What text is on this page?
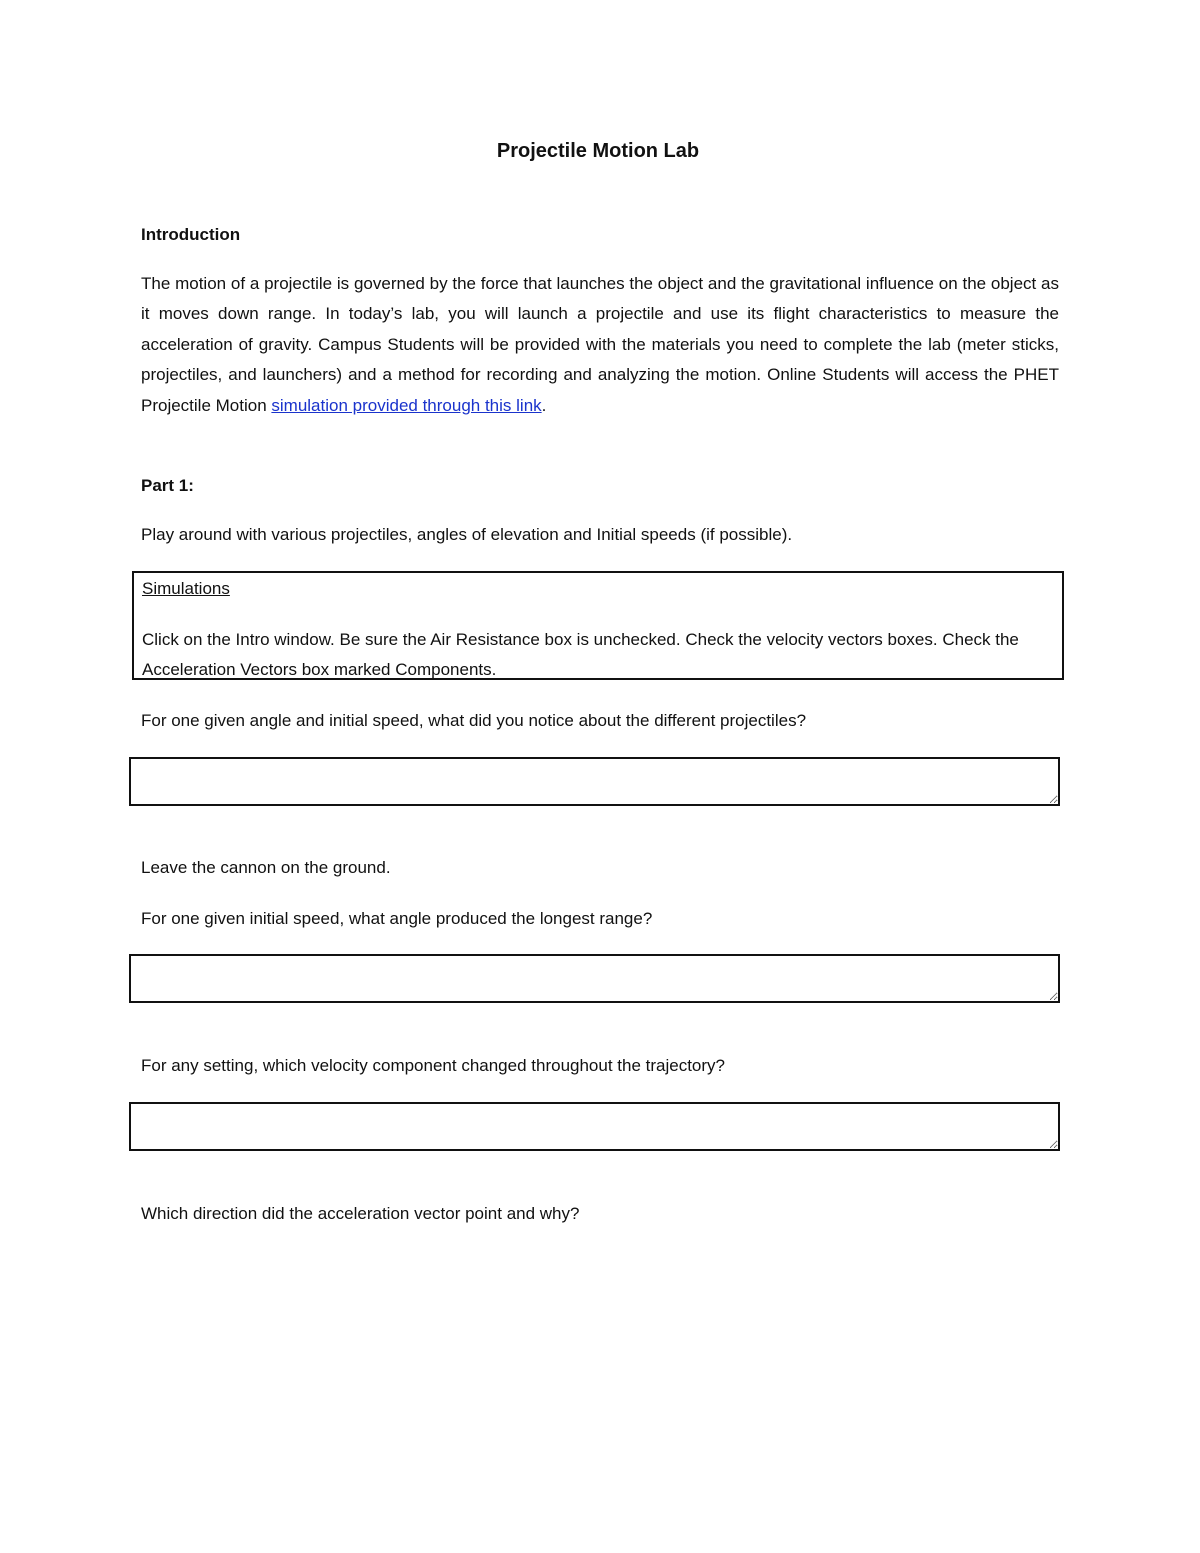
Projectile Motion Lab
Introduction

The motion of a projectile is governed by the force that launches the object and the gravitational influence on the object as it moves down range. In today’s lab, you will launch a projectile and use its flight characteristics to measure the acceleration of gravity. Campus Students will be provided with the materials you need to complete the lab (meter sticks, projectiles, and launchers) and a method for recording and analyzing the motion. Online Students will access the PHET Projectile Motion simulation provided through this link.

Part 1:

Play around with various projectiles, angles of elevation and Initial speeds (if possible).

Simulations

Click on the Intro window. Be sure the Air Resistance box is unchecked. Check the velocity vectors boxes. Check the Acceleration Vectors box marked Components.

For one given angle and initial speed, what did you notice about the different projectiles?

Leave the cannon on the ground.

For one given initial speed, what angle produced the longest range?

For any setting, which velocity component changed throughout the trajectory?

Which direction did the acceleration vector point and why?
